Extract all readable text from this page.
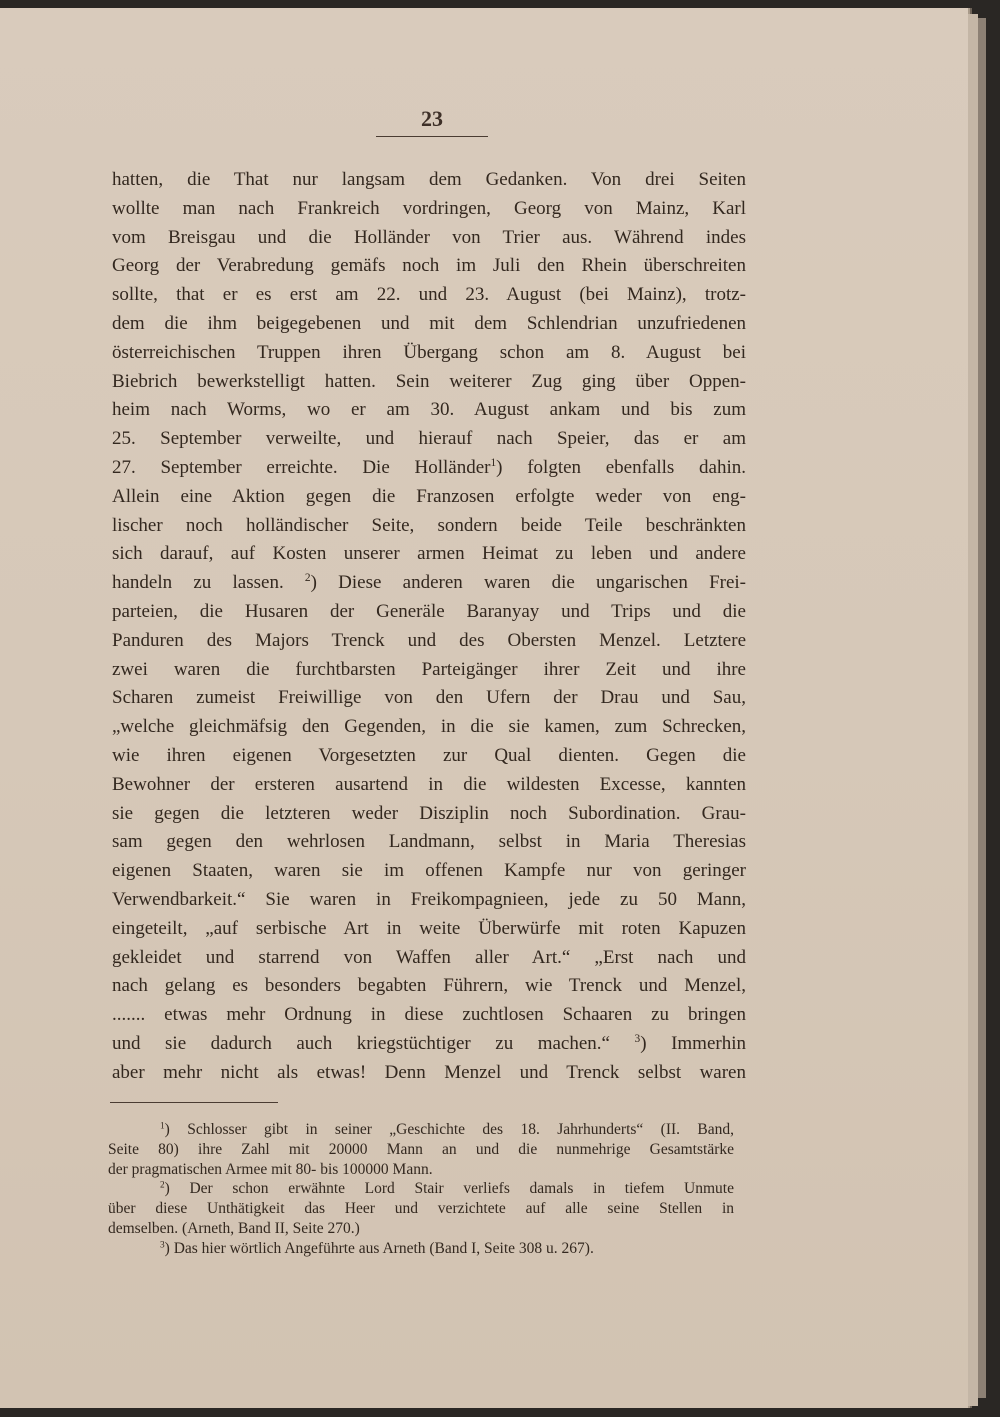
23
hatten, die That nur langsam dem Gedanken. Von drei Seiten
wollte man nach Frankreich vordringen, Georg von Mainz, Karl
vom Breisgau und die Holländer von Trier aus. Während indes
Georg der Verabredung gemäfs noch im Juli den Rhein überschreiten
sollte, that er es erst am 22. und 23. August (bei Mainz), trotz-
dem die ihm beigegebenen und mit dem Schlendrian unzufriedenen
österreichischen Truppen ihren Übergang schon am 8. August bei
Biebrich bewerkstelligt hatten. Sein weiterer Zug ging über Oppen-
heim nach Worms, wo er am 30. August ankam und bis zum
25. September verweilte, und hierauf nach Speier, das er am
27. September erreichte. Die Holländer$^1$) folgten ebenfalls dahin.
Allein eine Aktion gegen die Franzosen erfolgte weder von eng-
lischer noch holländischer Seite, sondern beide Teile beschränkten
sich darauf, auf Kosten unserer armen Heimat zu leben und andere
handeln zu lassen. $^2$) Diese anderen waren die ungarischen Frei-
parteien, die Husaren der Generäle Baranyay und Trips und die
Panduren des Majors Trenck und des Obersten Menzel. Letztere
zwei waren die furchtbarsten Parteigänger ihrer Zeit und ihre
Scharen zumeist Freiwillige von den Ufern der Drau und Sau,
„welche gleichmäfsig den Gegenden, in die sie kamen, zum Schrecken,
wie ihren eigenen Vorgesetzten zur Qual dienten. Gegen die
Bewohner der ersteren ausartend in die wildesten Excesse, kannten
sie gegen die letzteren weder Disziplin noch Subordination. Grau-
sam gegen den wehrlosen Landmann, selbst in Maria Theresias
eigenen Staaten, waren sie im offenen Kampfe nur von geringer
Verwendbarkeit.“ Sie waren in Freikompagnieen, jede zu 50 Mann,
eingeteilt, „auf serbische Art in weite Überwürfe mit roten Kapuzen
gekleidet und starrend von Waffen aller Art.“ „Erst nach und
nach gelang es besonders begabten Führern, wie Trenck und Menzel,
....... etwas mehr Ordnung in diese zuchtlosen Schaaren zu bringen
und sie dadurch auch kriegstüchtiger zu machen.“ $^3$) Immerhin
aber mehr nicht als etwas! Denn Menzel und Trenck selbst waren
$^1$) Schlosser gibt in seiner „Geschichte des 18. Jahrhunderts“ (II. Band,
Seite 80) ihre Zahl mit 20000 Mann an und die nunmehrige Gesamtstärke
der pragmatischen Armee mit 80- bis 100000 Mann.
$^2$) Der schon erwähnte Lord Stair verliefs damals in tiefem Unmute
über diese Unthätigkeit das Heer und verzichtete auf alle seine Stellen in
demselben. (Arneth, Band II, Seite 270.)
$^3$) Das hier wörtlich Angeführte aus Arneth (Band I, Seite 308 u. 267).
